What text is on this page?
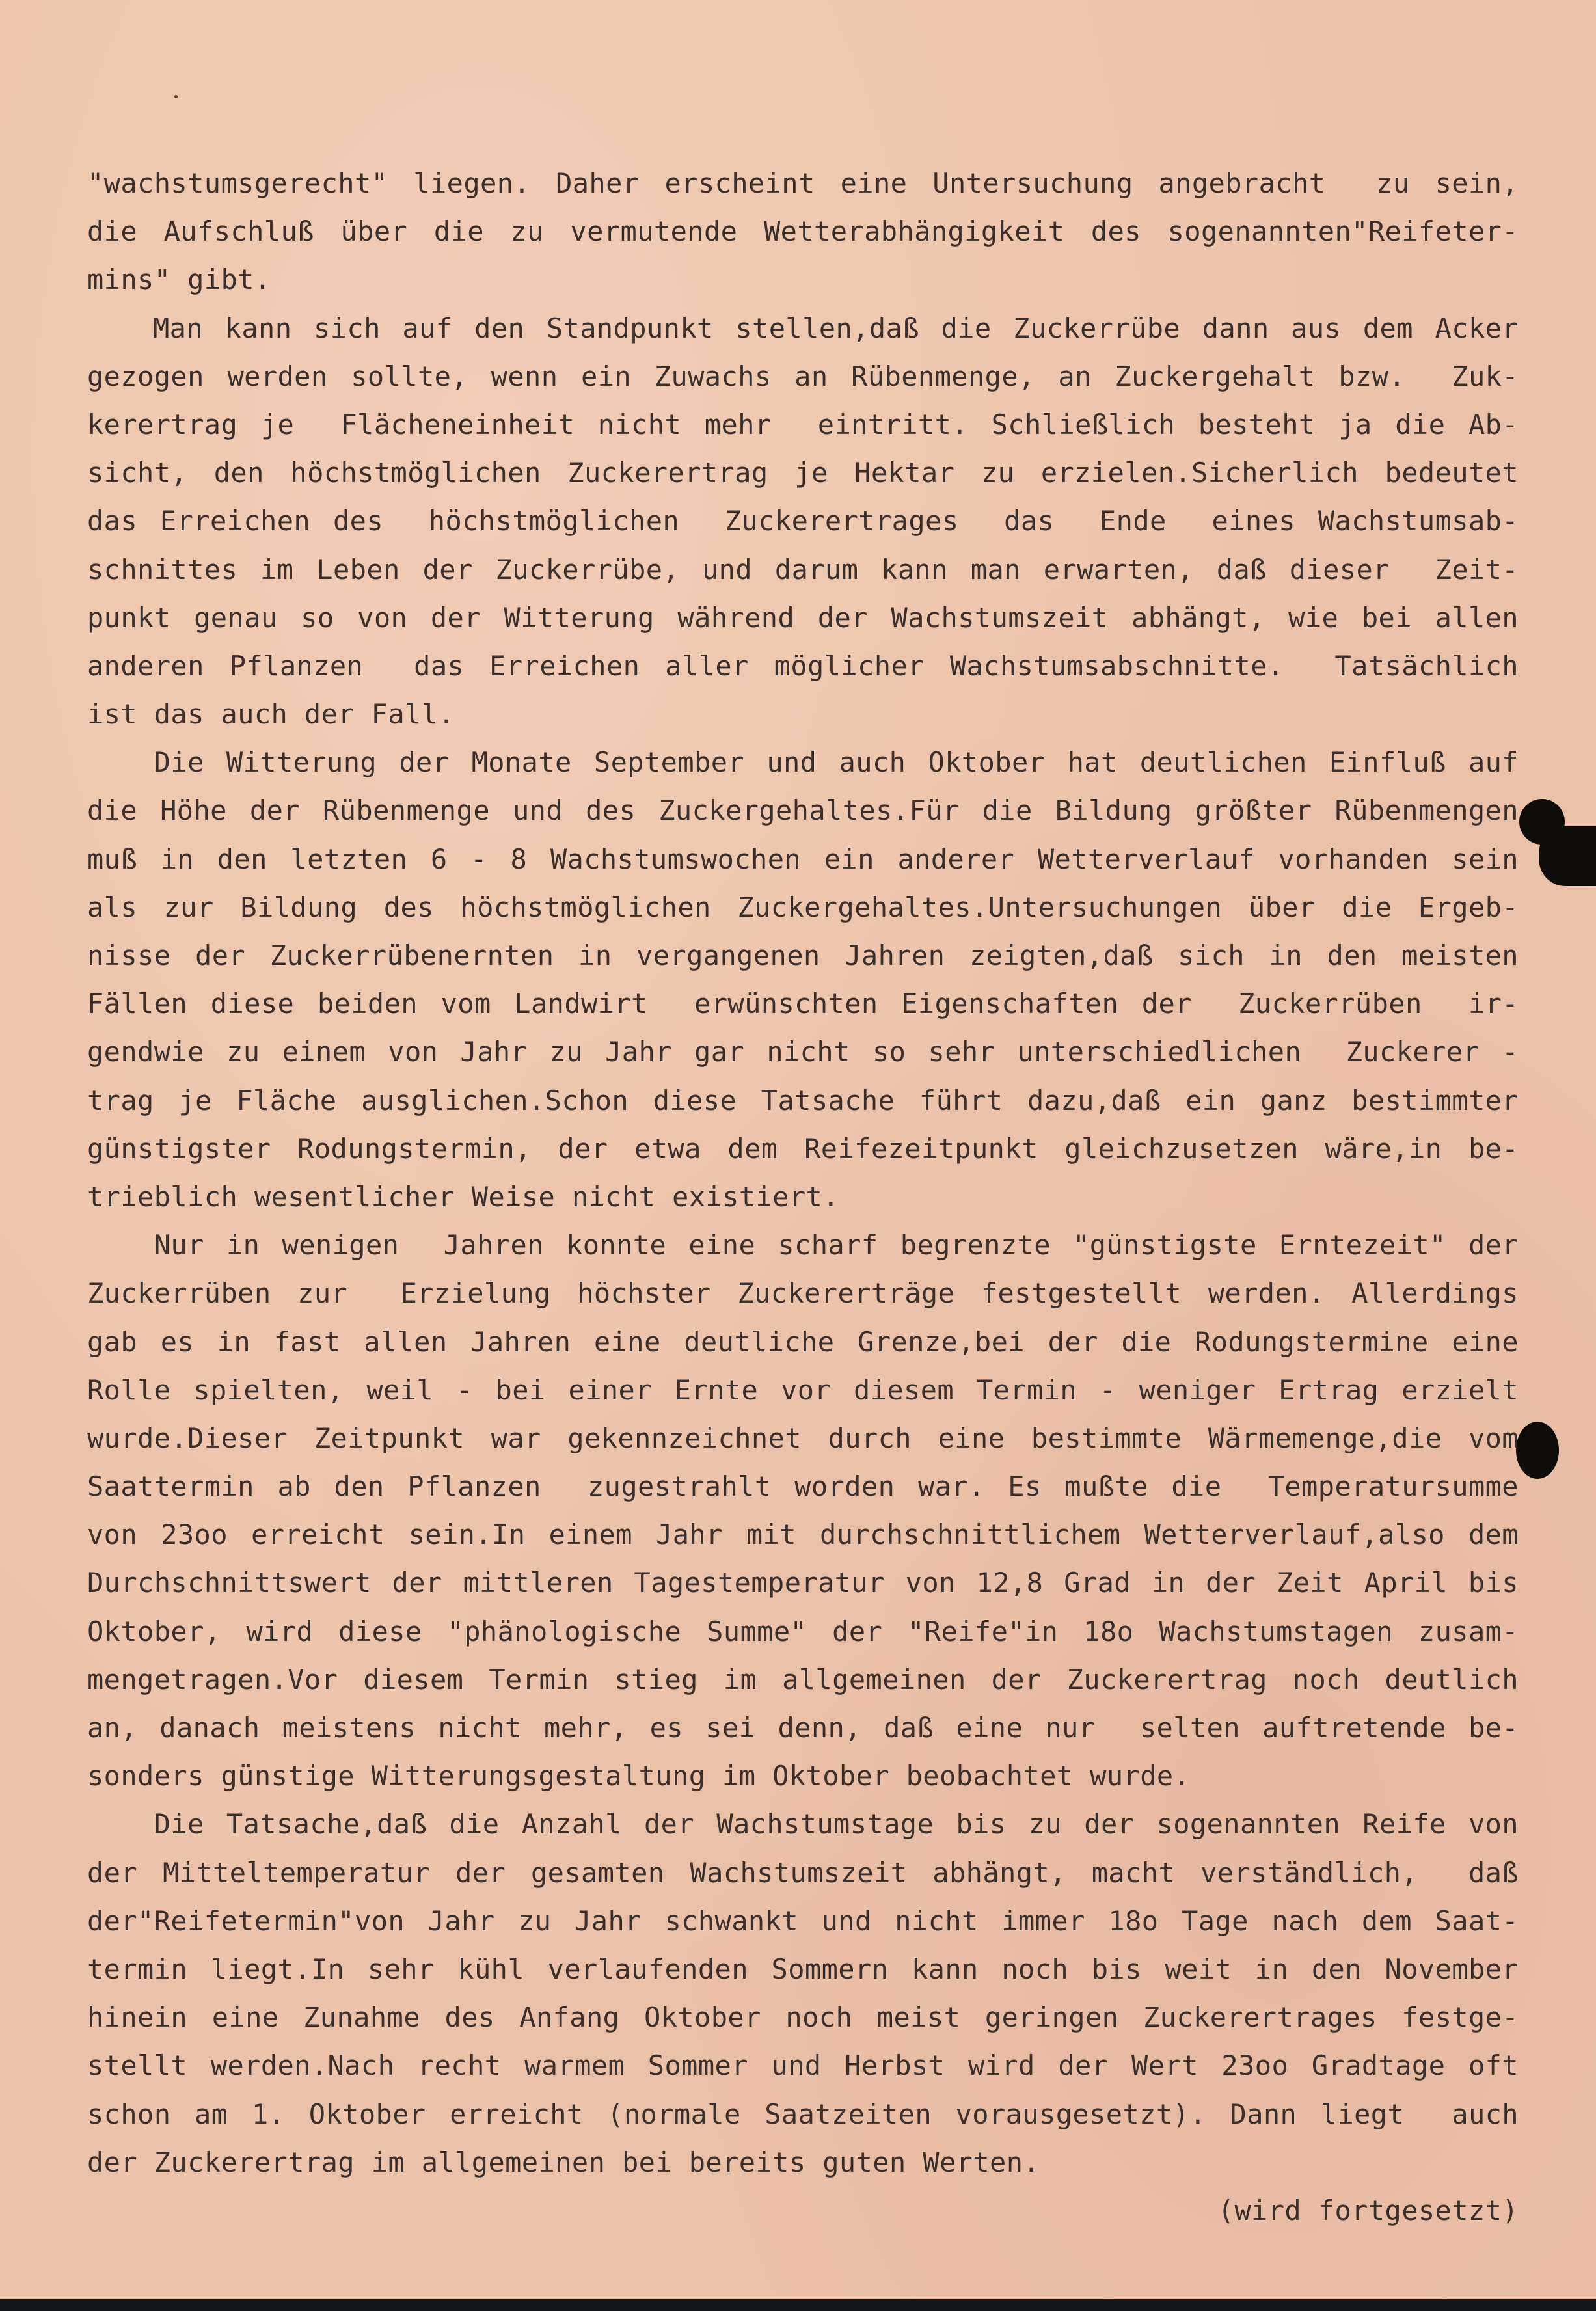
"wachstumsgerecht" liegen. Daher erscheint eine Untersuchung angebracht  zu sein,
die Aufschluß über die zu vermutende Wetterabhängigkeit des sogenannten"Reifeter-
mins" gibt.
Man kann sich auf den Standpunkt stellen,daß die Zuckerrübe dann aus dem Acker
gezogen werden sollte, wenn ein Zuwachs an Rübenmenge, an Zuckergehalt bzw.  Zuk-
kerertrag je  Flächeneinheit nicht mehr  eintritt. Schließlich besteht ja die Ab-
sicht, den höchstmöglichen Zuckerertrag je Hektar zu erzielen.Sicherlich bedeutet
das Erreichen des  höchstmöglichen  Zuckerertrages  das  Ende  eines Wachstumsab-
schnittes im Leben der Zuckerrübe, und darum kann man erwarten, daß dieser  Zeit-
punkt genau so von der Witterung während der Wachstumszeit abhängt, wie bei allen
anderen Pflanzen  das Erreichen aller möglicher Wachstumsabschnitte.  Tatsächlich
ist das auch der Fall.
Die Witterung der Monate September und auch Oktober hat deutlichen Einfluß auf
die Höhe der Rübenmenge und des Zuckergehaltes.Für die Bildung größter Rübenmengen
muß in den letzten 6 - 8 Wachstumswochen ein anderer Wetterverlauf vorhanden sein
als zur Bildung des höchstmöglichen Zuckergehaltes.Untersuchungen über die Ergeb-
nisse der Zuckerrübenernten in vergangenen Jahren zeigten,daß sich in den meisten
Fällen diese beiden vom Landwirt  erwünschten Eigenschaften der  Zuckerrüben  ir-
gendwie zu einem von Jahr zu Jahr gar nicht so sehr unterschiedlichen  Zuckerer -
trag je Fläche ausglichen.Schon diese Tatsache führt dazu,daß ein ganz bestimmter
günstigster Rodungstermin, der etwa dem Reifezeitpunkt gleichzusetzen wäre,in be-
trieblich wesentlicher Weise nicht existiert.
Nur in wenigen  Jahren konnte eine scharf begrenzte "günstigste Erntezeit" der
Zuckerrüben zur  Erzielung höchster Zuckererträge festgestellt werden. Allerdings
gab es in fast allen Jahren eine deutliche Grenze,bei der die Rodungstermine eine
Rolle spielten, weil - bei einer Ernte vor diesem Termin - weniger Ertrag erzielt
wurde.Dieser Zeitpunkt war gekennzeichnet durch eine bestimmte Wärmemenge,die vom
Saattermin ab den Pflanzen  zugestrahlt worden war. Es mußte die  Temperatursumme
von 23oo erreicht sein.In einem Jahr mit durchschnittlichem Wetterverlauf,also dem
Durchschnittswert der mittleren Tagestemperatur von 12,8 Grad in der Zeit April bis
Oktober, wird diese "phänologische Summe" der "Reife"in 18o Wachstumstagen zusam-
mengetragen.Vor diesem Termin stieg im allgemeinen der Zuckerertrag noch deutlich
an, danach meistens nicht mehr, es sei denn, daß eine nur  selten auftretende be-
sonders günstige Witterungsgestaltung im Oktober beobachtet wurde.
Die Tatsache,daß die Anzahl der Wachstumstage bis zu der sogenannten Reife von
der Mitteltemperatur der gesamten Wachstumszeit abhängt, macht verständlich,  daß
der"Reifetermin"von Jahr zu Jahr schwankt und nicht immer 18o Tage nach dem Saat-
termin liegt.In sehr kühl verlaufenden Sommern kann noch bis weit in den November
hinein eine Zunahme des Anfang Oktober noch meist geringen Zuckerertrages festge-
stellt werden.Nach recht warmem Sommer und Herbst wird der Wert 23oo Gradtage oft
schon am 1. Oktober erreicht (normale Saatzeiten vorausgesetzt). Dann liegt  auch
der Zuckerertrag im allgemeinen bei bereits guten Werten.
(wird fortgesetzt)
